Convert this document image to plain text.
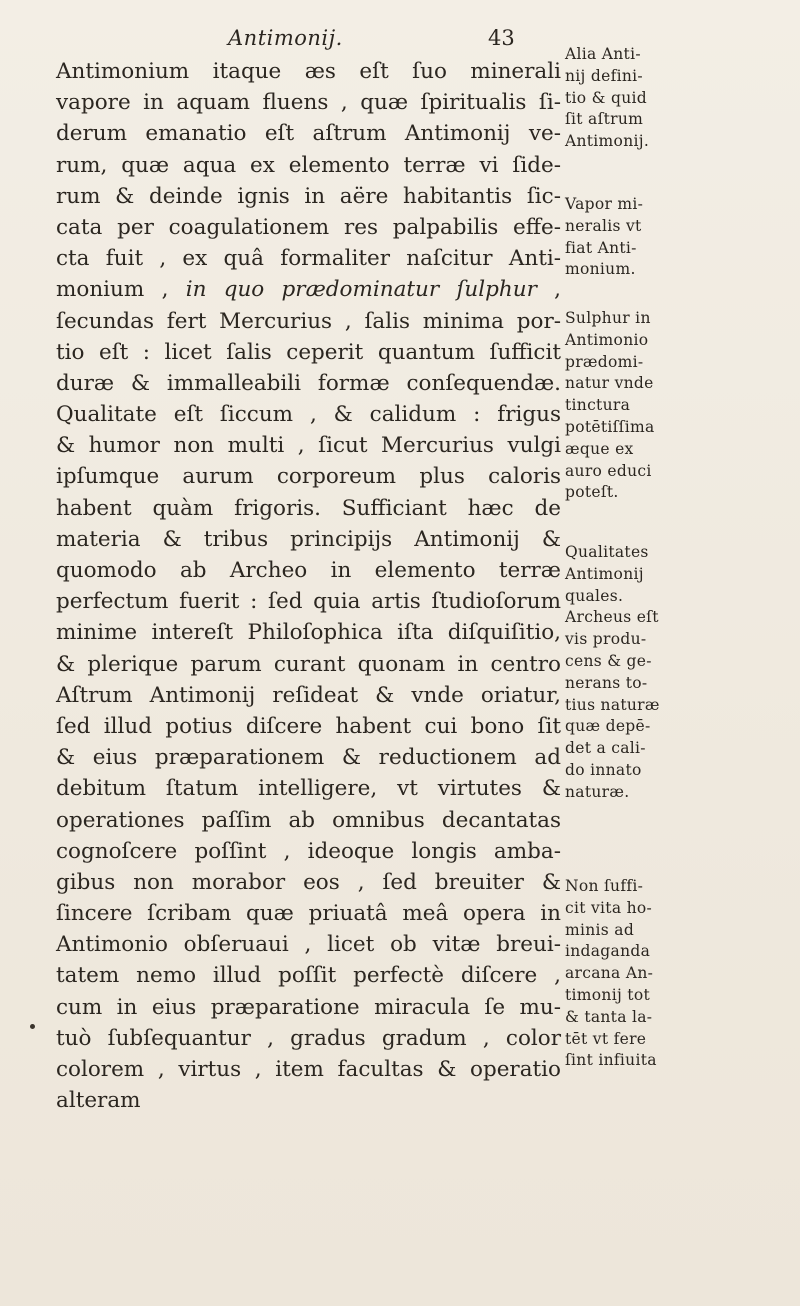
Antimonij.	43
Antimonium itaque æs eſt ſuo minerali
vapore in aquam fluens , quæ ſpiritualis ſi-
derum emanatio eſt aſtrum Antimonij ve-
rum, quæ aqua ex elemento terræ vi ſide-
rum & deinde ignis in aëre habitantis ſic-
cata per coagulationem res palpabilis effe-
cta fuit , ex quâ formaliter naſcitur Anti-
monium , in quo prædominatur ſulphur ,
ſecundas fert Mercurius , ſalis minima por-
tio eſt : licet ſalis ceperit quantum ſufficit
duræ & immalleabili formæ conſequendæ.
Qualitate eſt ſiccum , & calidum : frigus
& humor non multi , ſicut Mercurius vulgi
ipſumque aurum corporeum plus caloris
habent quàm frigoris. Sufficiant hæc de
materia & tribus principijs Antimonij &
quomodo ab Archeo in elemento terræ
perfectum fuerit : ſed quia artis ſtudioſorum
minime intereſt Philoſophica iſta diſquiſitio,
& plerique parum curant quonam in centro
Aſtrum Antimonij reſideat & vnde oriatur,
ſed illud potius diſcere habent cui bono ſit
& eius præparationem & reductionem ad
debitum ſtatum intelligere, vt virtutes &
operationes paſſim ab omnibus decantatas
cognoſcere poſſint , ideoque longis amba-
gibus non morabor eos , ſed breuiter &
ſincere ſcribam quæ priuatâ meâ opera in
Antimonio obſeruaui , licet ob vitæ breui-
tatem nemo illud poſſit perfectè diſcere ,
cum in eius præparatione miracula ſe mu-
tuò ſubſequantur , gradus gradum , color
colorem , virtus , item facultas & operatio
alteram
Alia Anti-
nij defini-
tio & quid
ſit aſtrum
Antimonij.
Vapor mi-
neralis vt
fiat Anti-
monium.
Sulphur in
Antimonio
prædomi-
natur vnde
tinctura
potētiſſima
æque ex
auro educi
poteſt.
Qualitates
Antimonij
quales.
Archeus eſt
vis produ-
cens & ge-
nerans to-
tius naturæ
quæ depē-
det a cali-
do innato
naturæ.
Non ſuffi-
cit vita ho-
minis ad
indaganda
arcana An-
timonij tot
& tanta la-
tēt vt fere
ſint infiuita
